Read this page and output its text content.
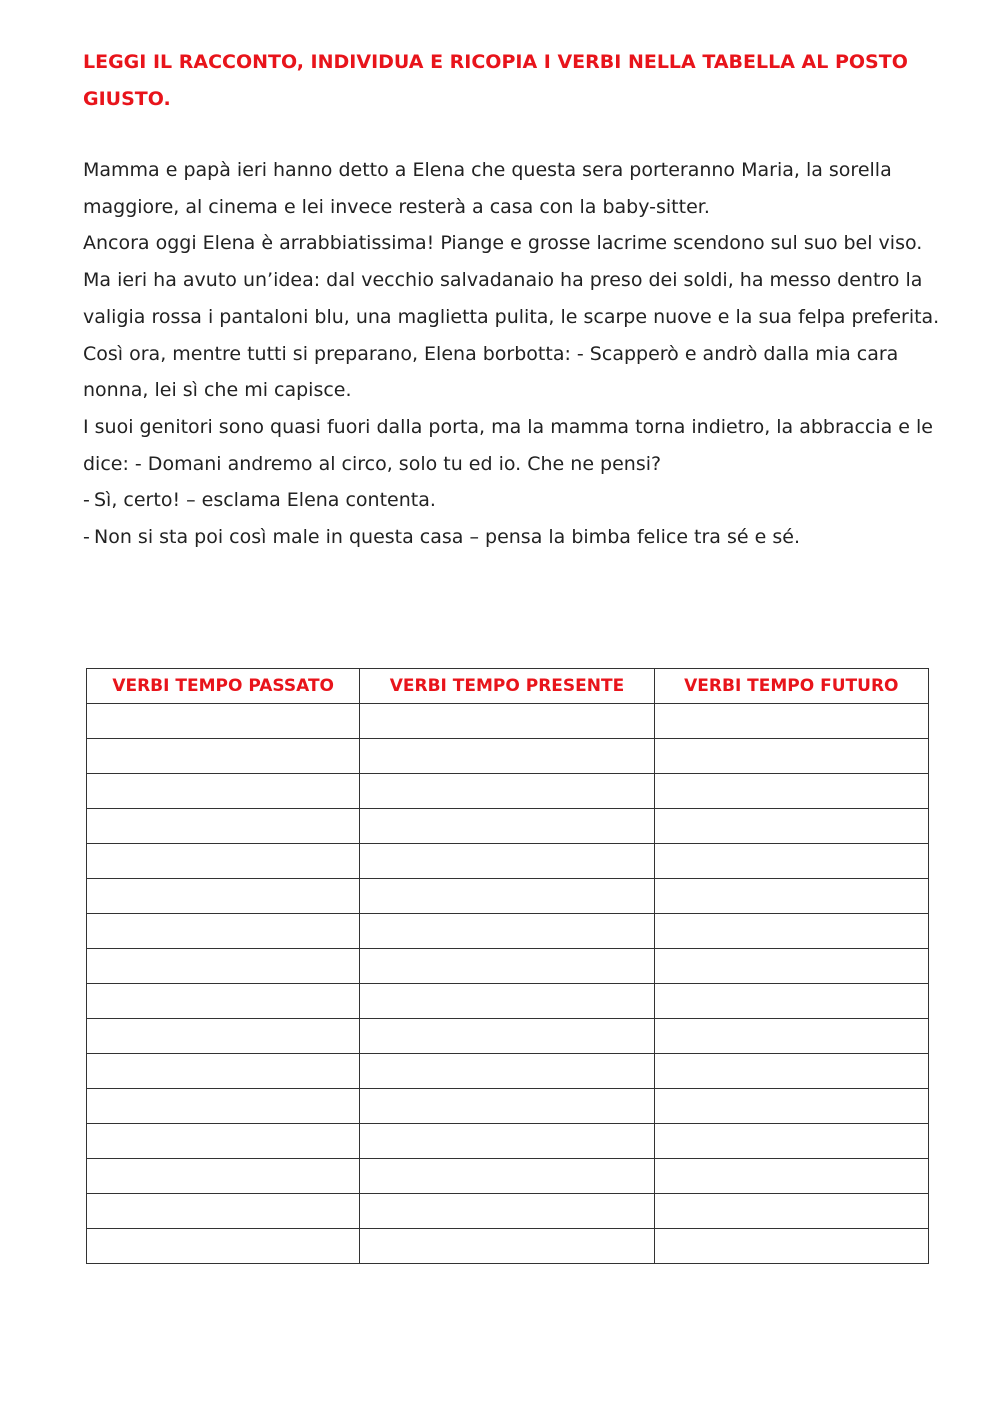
LEGGI IL RACCONTO, INDIVIDUA E RICOPIA I VERBI NELLA TABELLA AL POSTO GIUSTO.

Mamma e papà ieri hanno detto a Elena che questa sera porteranno Maria, la sorella maggiore, al cinema e lei invece resterà a casa con la baby-sitter.

Ancora oggi Elena è arrabbiatissima! Piange e grosse lacrime scendono sul suo bel viso.

Ma ieri ha avuto un’idea: dal vecchio salvadanaio ha preso dei soldi, ha messo dentro la valigia rossa i pantaloni blu, una maglietta pulita, le scarpe nuove e la sua felpa preferita.

Così ora, mentre tutti si preparano, Elena borbotta: - Scapperò e andrò dalla mia cara nonna, lei sì che mi capisce.

I suoi genitori sono quasi fuori dalla porta, ma la mamma torna indietro, la abbraccia e le dice: - Domani andremo al circo, solo tu ed io. Che ne pensi?

- Sì, certo! – esclama Elena contenta.

- Non si sta poi così male in questa casa – pensa la bimba felice tra sé e sé.

VERBI TEMPO PASSATO	VERBI TEMPO PRESENTE	VERBI TEMPO FUTURO
